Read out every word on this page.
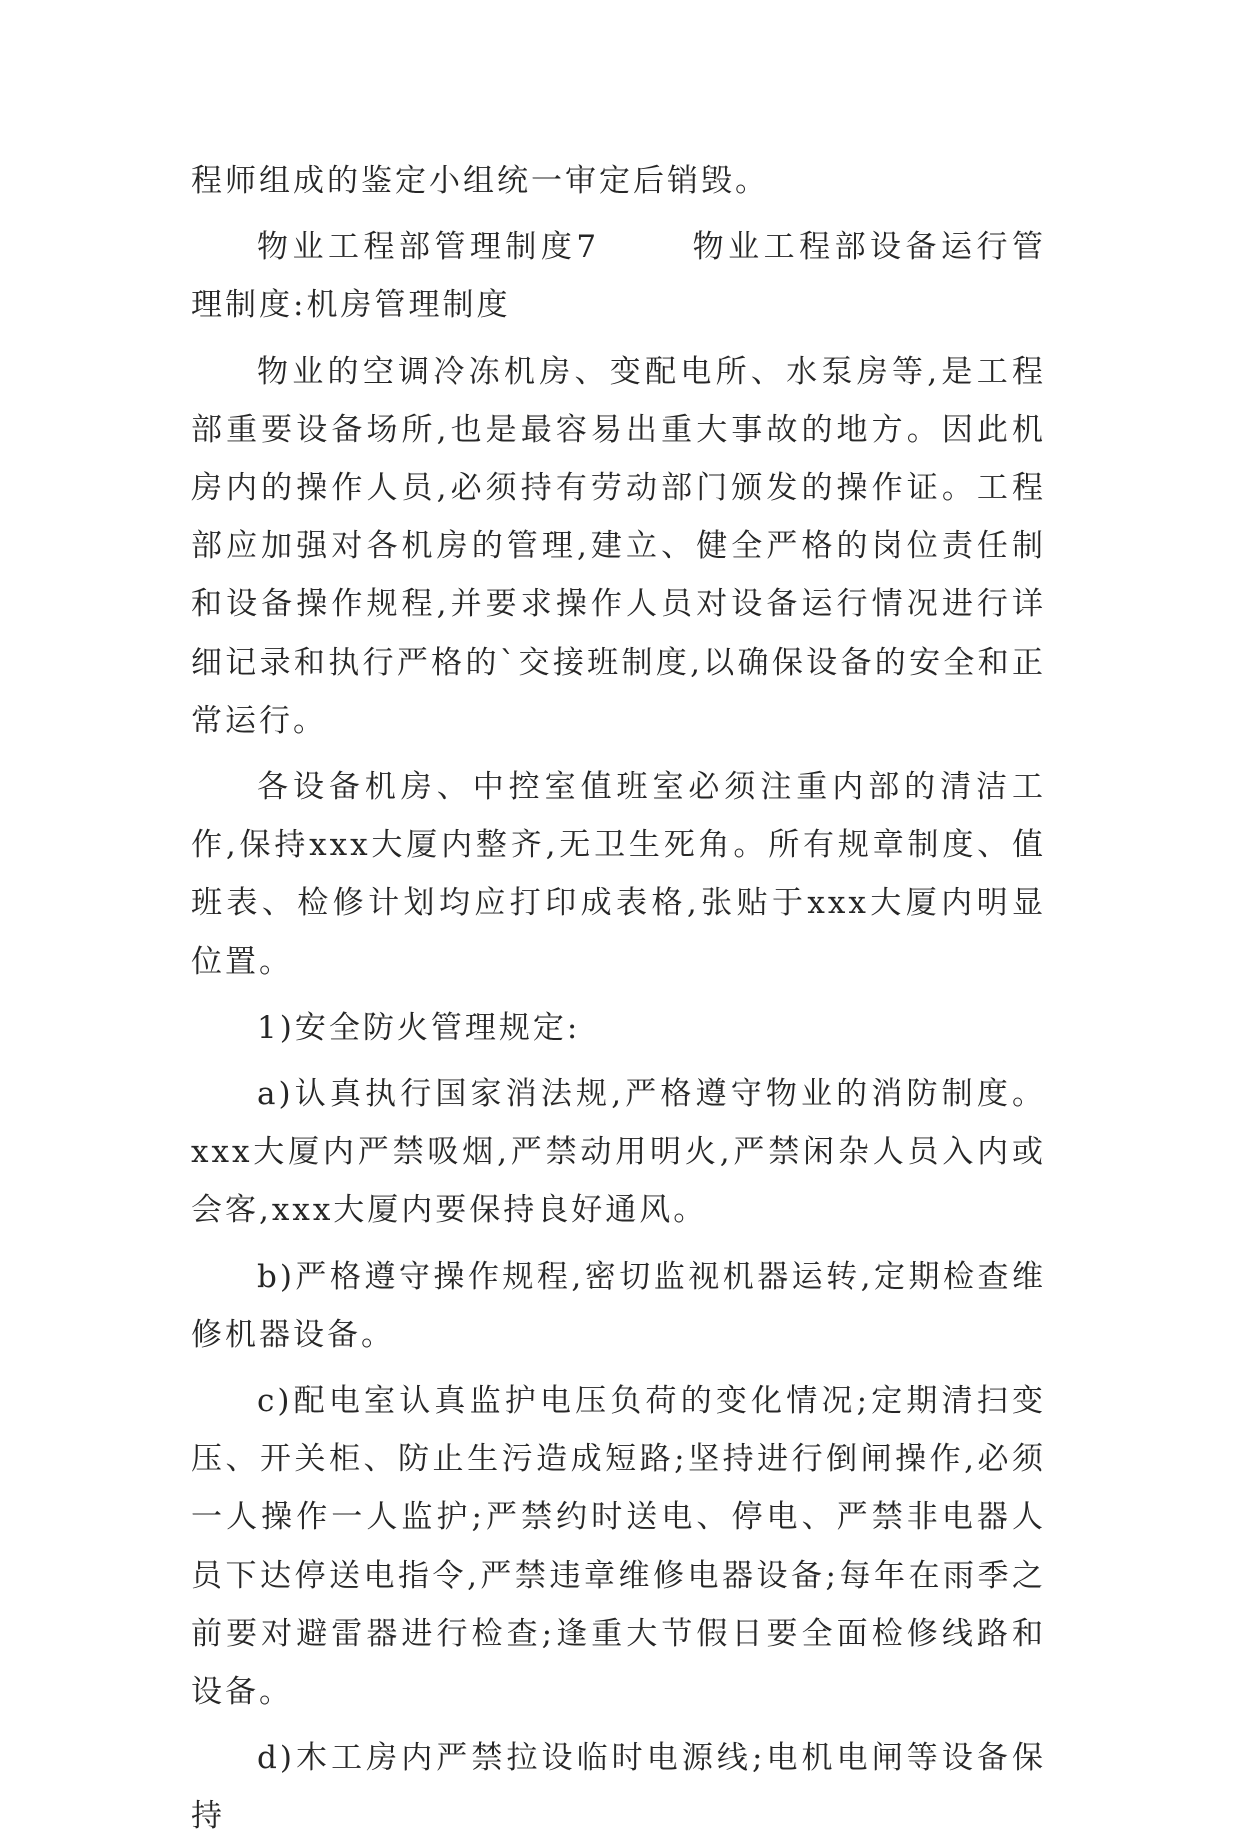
程师组成的鉴定小组统一审定后销毁。

物业工程部管理制度7	物业工程部设备运行管理制度:机房管理制度

物业的空调冷冻机房、变配电所、水泵房等,是工程部重要设备场所,也是最容易出重大事故的地方。因此机房内的操作人员,必须持有劳动部门颁发的操作证。工程部应加强对各机房的管理,建立、健全严格的岗位责任制和设备操作规程,并要求操作人员对设备运行情况进行详细记录和执行严格的`交接班制度,以确保设备的安全和正常运行。

各设备机房、中控室值班室必须注重内部的清洁工作,保持xxx大厦内整齐,无卫生死角。所有规章制度、值班表、检修计划均应打印成表格,张贴于xxx大厦内明显位置。

1)安全防火管理规定:

a)认真执行国家消法规,严格遵守物业的消防制度。xxx大厦内严禁吸烟,严禁动用明火,严禁闲杂人员入内或会客,xxx大厦内要保持良好通风。

b)严格遵守操作规程,密切监视机器运转,定期检查维修机器设备。

c)配电室认真监护电压负荷的变化情况;定期清扫变压、开关柜、防止生污造成短路;坚持进行倒闸操作,必须一人操作一人监护;严禁约时送电、停电、严禁非电器人员下达停送电指令,严禁违章维修电器设备;每年在雨季之前要对避雷器进行检查;逢重大节假日要全面检修线路和设备。

d)木工房内严禁拉设临时电源线;电机电闸等设备保持
